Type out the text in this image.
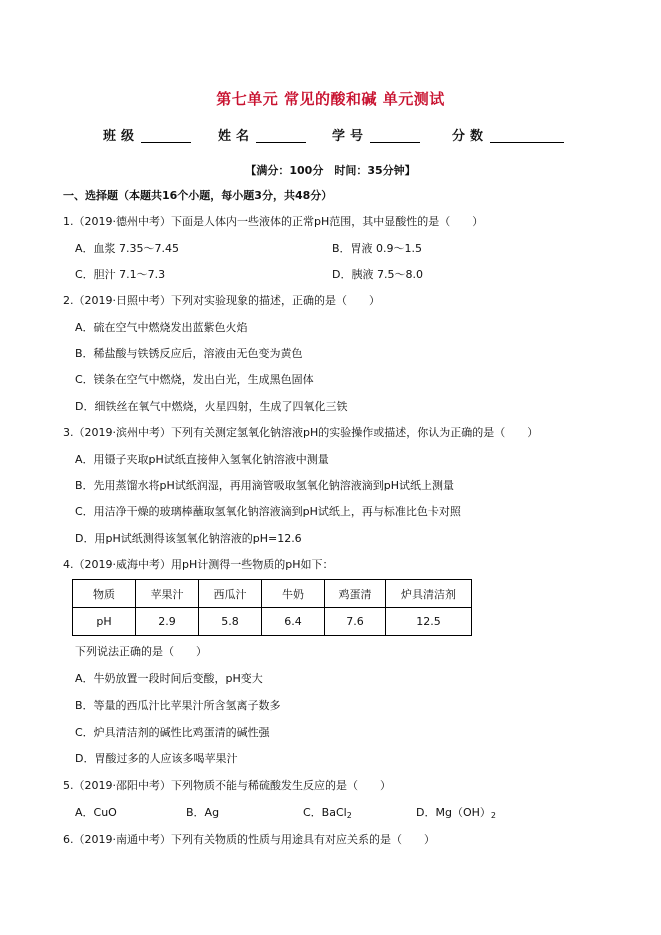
第七单元 常见的酸和碱 单元测试
班级	姓名	学号	分数
【满分：100分　时间：35分钟】
一、选择题（本题共16个小题，每小题3分，共48分）
1.（2019·德州中考）下面是人体内一些液体的正常pH范围，其中显酸性的是（　　）
A．血浆 7.35～7.45	B．胃液 0.9～1.5
C．胆汁 7.1～7.3	D．胰液 7.5～8.0
2.（2019·日照中考）下列对实验现象的描述，正确的是（　　）
A．硫在空气中燃烧发出蓝紫色火焰
B．稀盐酸与铁锈反应后，溶液由无色变为黄色
C．镁条在空气中燃烧，发出白光，生成黑色固体
D．细铁丝在氧气中燃烧，火星四射，生成了四氧化三铁
3.（2019·滨州中考）下列有关测定氢氧化钠溶液pH的实验操作或描述，你认为正确的是（　　）
A．用镊子夹取pH试纸直接伸入氢氧化钠溶液中测量
B．先用蒸馏水将pH试纸润湿，再用滴管吸取氢氧化钠溶液滴到pH试纸上测量
C．用洁净干燥的玻璃棒蘸取氢氧化钠溶液滴到pH试纸上，再与标准比色卡对照
D．用pH试纸测得该氢氧化钠溶液的pH=12.6
4.（2019·威海中考）用pH计测得一些物质的pH如下：
物质	苹果汁	西瓜汁	牛奶	鸡蛋清	炉具清洁剂
pH	2.9	5.8	6.4	7.6	12.5
下列说法正确的是（　　）
A．牛奶放置一段时间后变酸，pH变大
B．等量的西瓜汁比苹果汁所含氢离子数多
C．炉具清洁剂的碱性比鸡蛋清的碱性强
D．胃酸过多的人应该多喝苹果汁
5.（2019·邵阳中考）下列物质不能与稀硫酸发生反应的是（　　）
A．CuO	B．Ag	C．BaCl$_2$	D．$Mg(OH)_2$
6.（2019·南通中考）下列有关物质的性质与用途具有对应关系的是（　　）
